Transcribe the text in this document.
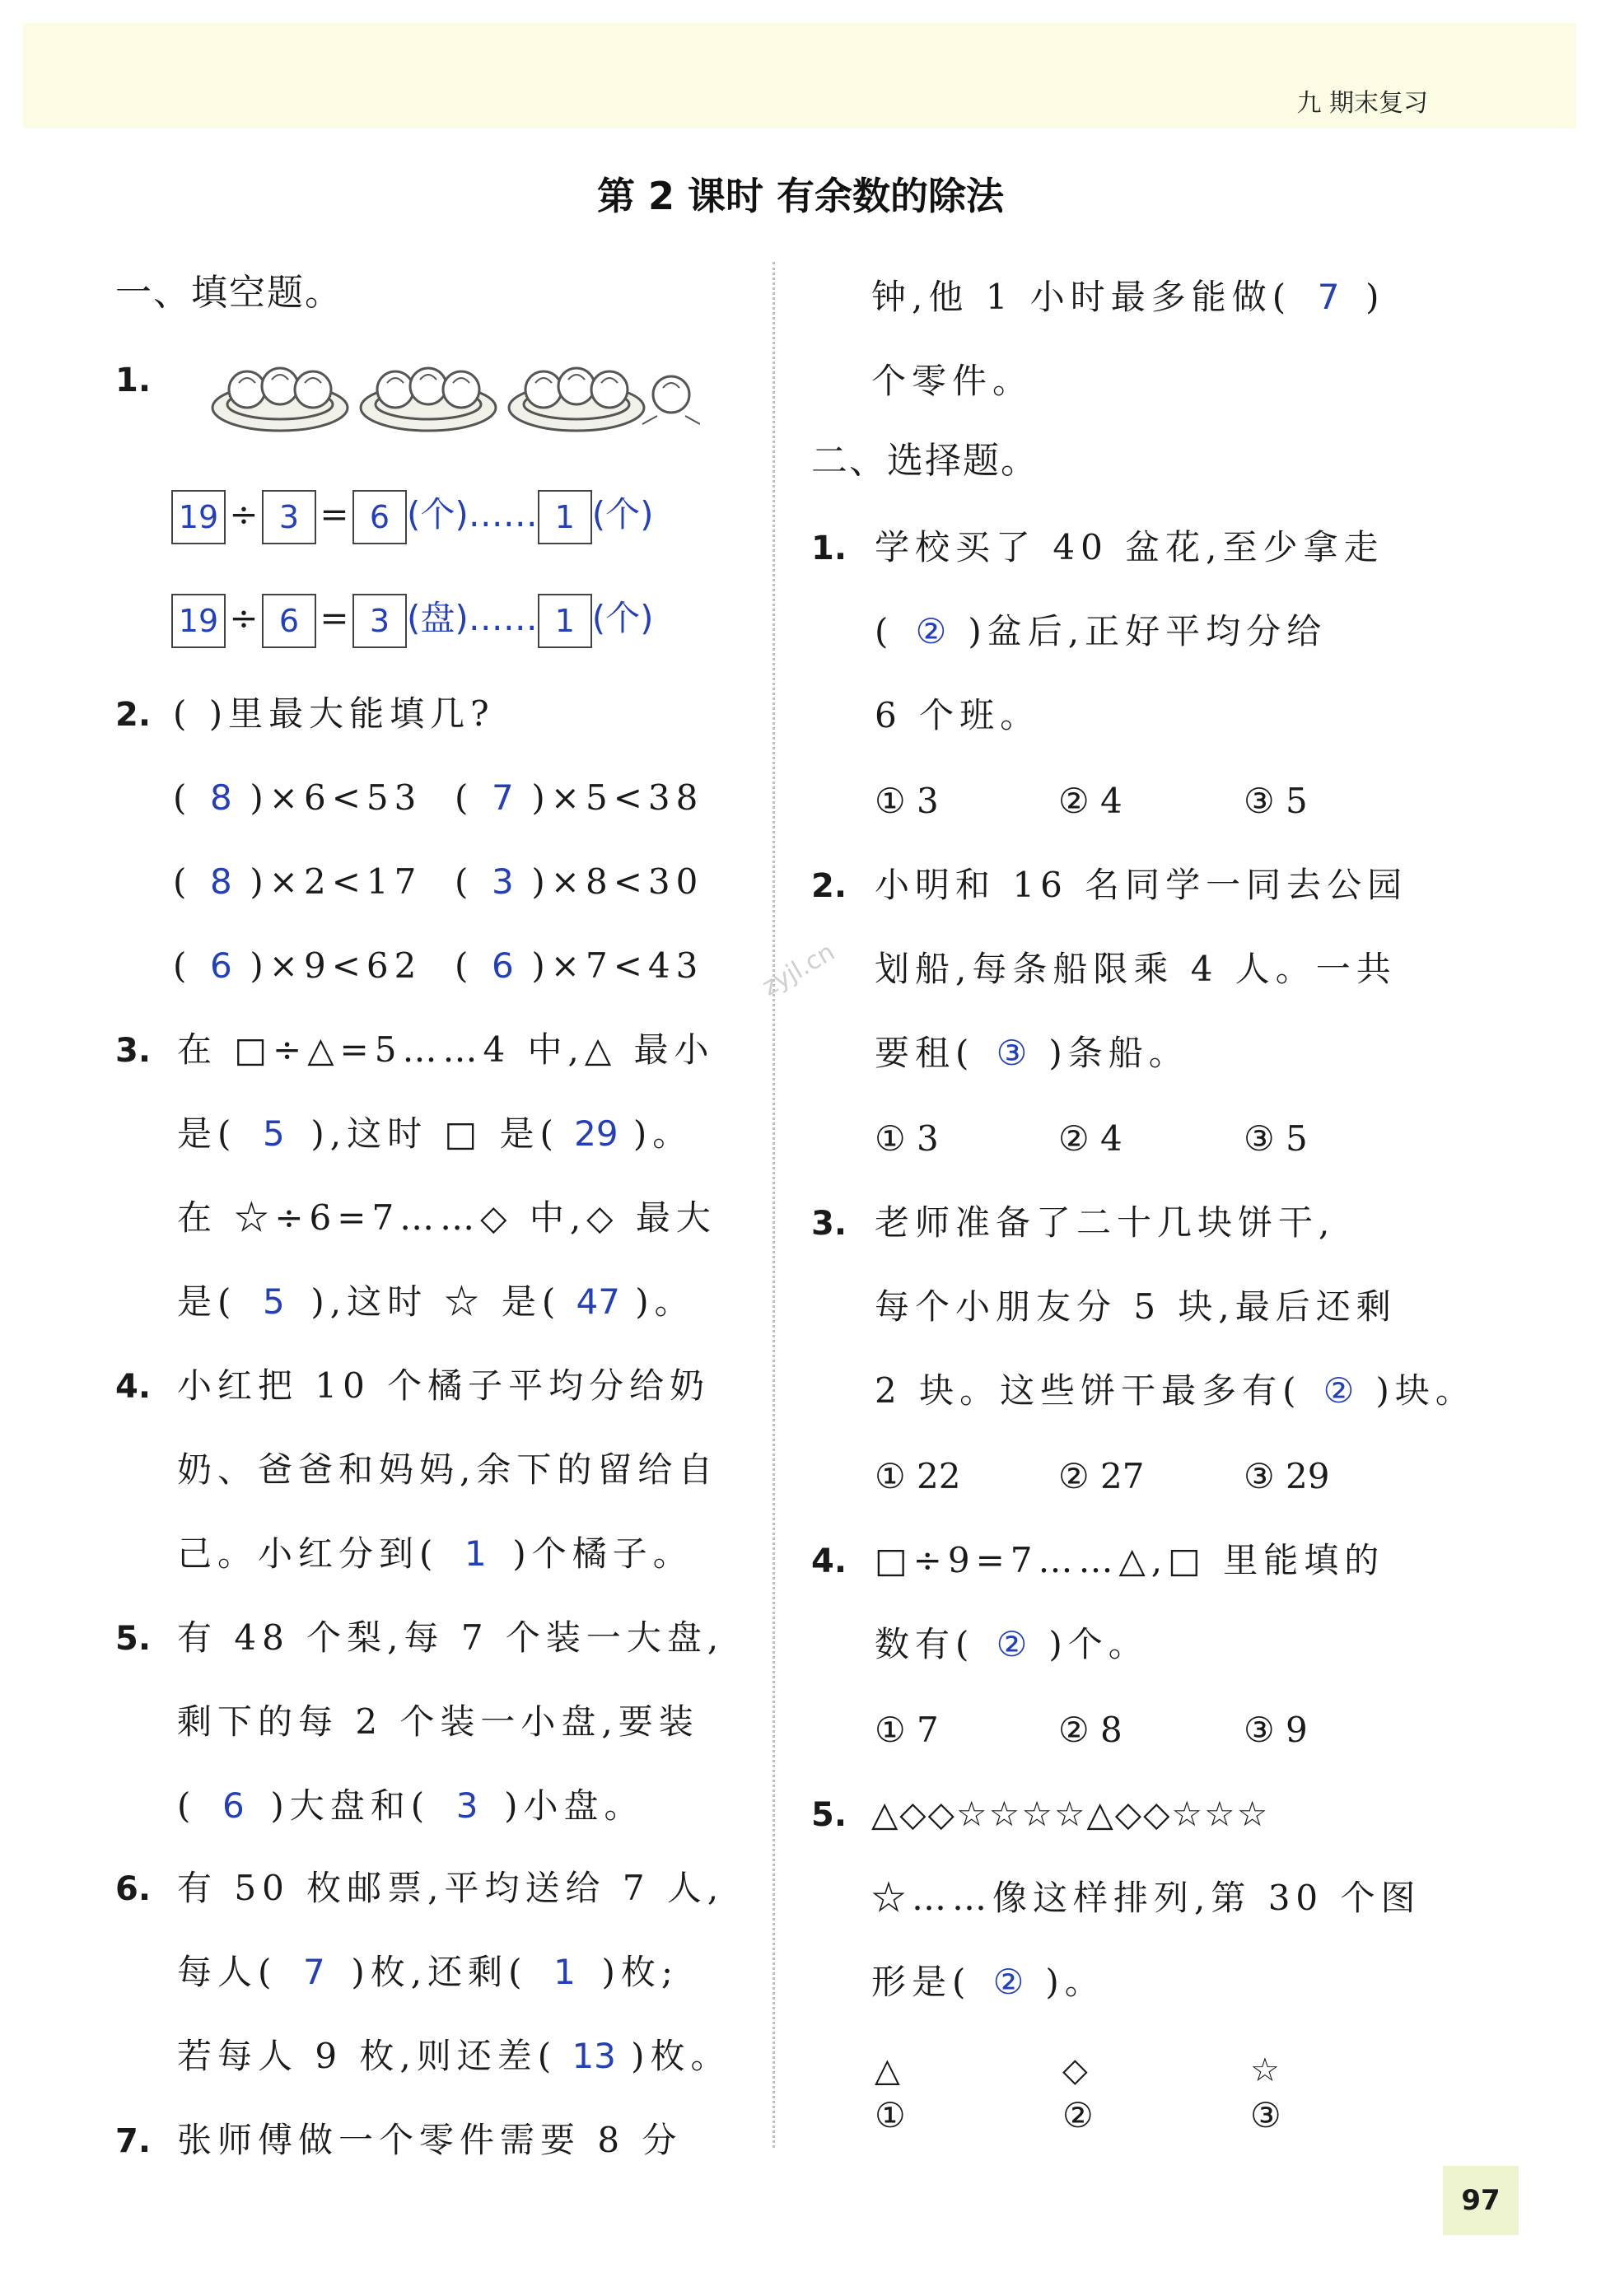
九 期末复习
第 2 课时 有余数的除法
zyjl.cn
一、填空题。
1.
19 ÷ 3 = 6 (个)…… 1 (个)
19 ÷ 6 = 3 (盘)…… 1 (个)
2. ( )里最大能填几?
( 8 )×6<53 ( 7 )×5<38
( 8 )×2<17 ( 3 )×8<30
( 6 )×9<62 ( 6 )×7<43
3. 在 □÷△=5……4 中,△ 最小
是( 5 ),这时 □ 是( 29 )。
在 ☆÷6=7……◇ 中,◇ 最大
是( 5 ),这时 ☆ 是( 47 )。
4. 小红把 10 个橘子平均分给奶
奶、爸爸和妈妈,余下的留给自
己。小红分到( 1 )个橘子。
5. 有 48 个梨,每 7 个装一大盘,
剩下的每 2 个装一小盘,要装
( 6 )大盘和( 3 )小盘。
6. 有 50 枚邮票,平均送给 7 人,
每人( 7 )枚,还剩( 1 )枚;
若每人 9 枚,则还差( 13 )枚。
7. 张师傅做一个零件需要 8 分
钟,他 1 小时最多能做( 7 )
个零件。
二、选择题。
1. 学校买了 40 盆花,至少拿走
( ② )盆后,正好平均分给
6 个班。
① 3	② 4	③ 5
2. 小明和 16 名同学一同去公园
划船,每条船限乘 4 人。一共
要租( ③ )条船。
① 3	② 4	③ 5
3. 老师准备了二十几块饼干,
每个小朋友分 5 块,最后还剩
2 块。这些饼干最多有( ② )块。
① 22	② 27	③ 29
4. □÷9=7……△,□ 里能填的
数有( ② )个。
① 7	② 8	③ 9
5. △◇◇☆☆☆☆△◇◇☆☆☆
☆……像这样排列,第 30 个图
形是( ② )。
△	◇	☆
①	②	③
97
